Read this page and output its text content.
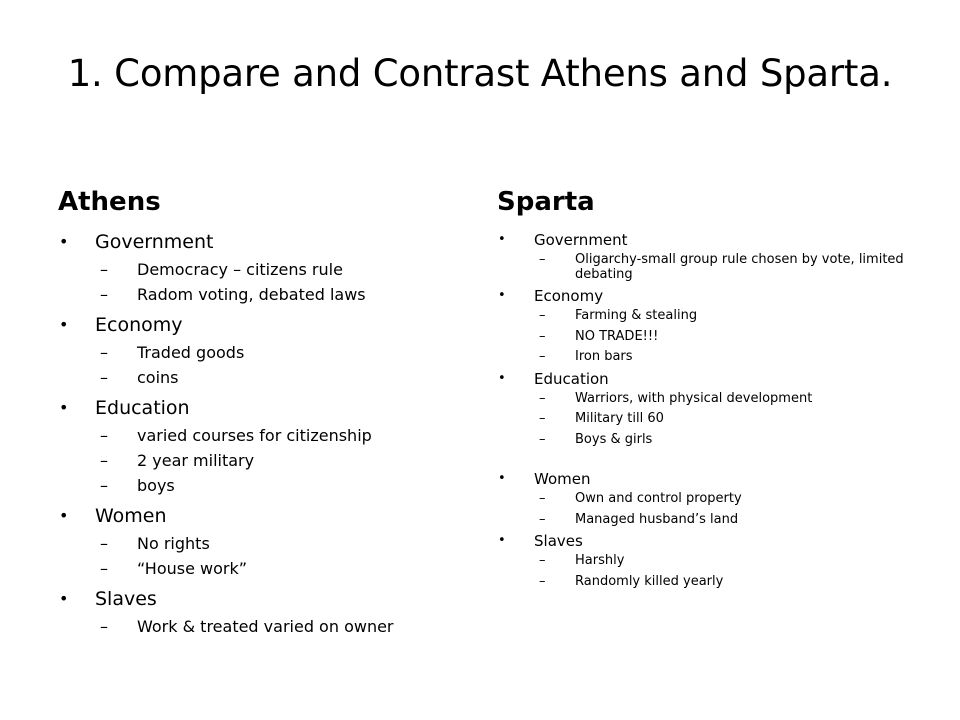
1. Compare and Contrast Athens and Sparta.
Athens
• Government
– Democracy – citizens rule
– Radom voting, debated laws
• Economy
– Traded goods
– coins
• Education
– varied courses for citizenship
– 2 year military
– boys
• Women
– No rights
– “House work”
• Slaves
– Work & treated varied on owner
Sparta
• Government
– Oligarchy-small group rule chosen by vote, limited debating
• Economy
– Farming & stealing
– NO TRADE!!!
– Iron bars
• Education
– Warriors, with physical development
– Military till 60
– Boys & girls
• Women
– Own and control property
– Managed husband’s land
• Slaves
– Harshly
– Randomly killed yearly
